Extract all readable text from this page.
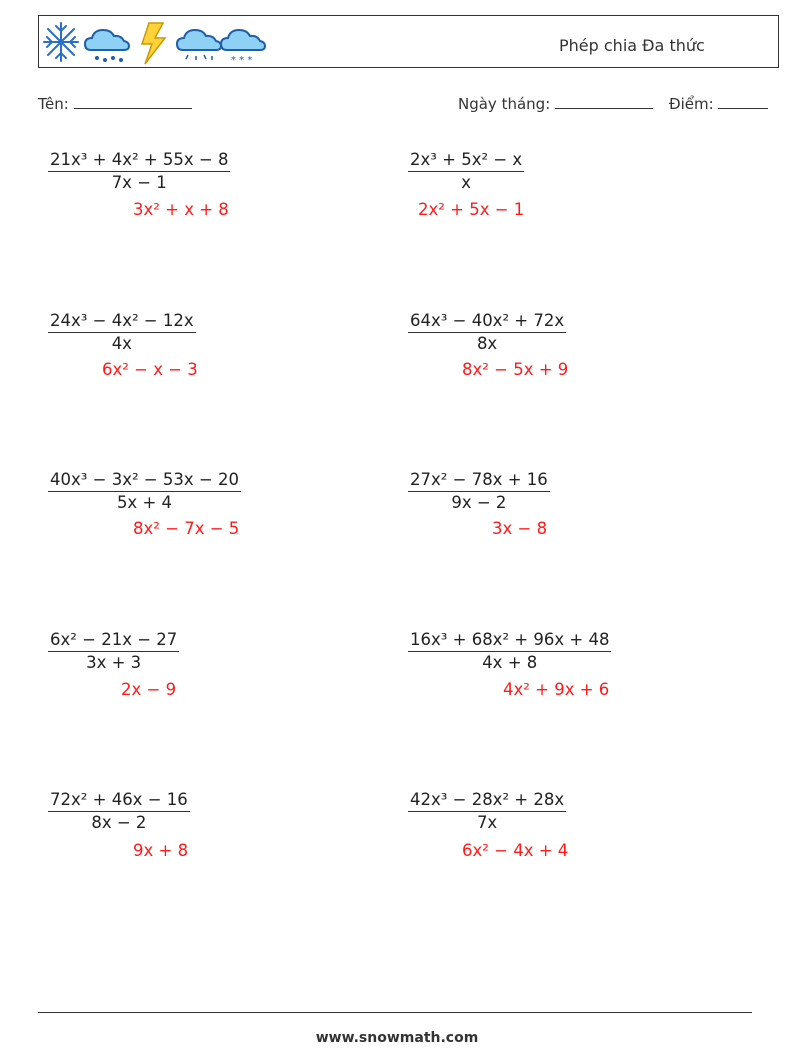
* * *
Phép chia Đa thức
Tên:	Ngày tháng:	Điểm:
21x³ + 4x² + 55x − 8
7x − 1
3x² + x + 8
2x³ + 5x² − x
x
2x² + 5x − 1
24x³ − 4x² − 12x
4x
6x² − x − 3
64x³ − 40x² + 72x
8x
8x² − 5x + 9
40x³ − 3x² − 53x − 20
5x + 4
8x² − 7x − 5
27x² − 78x + 16
9x − 2
3x − 8
6x² − 21x − 27
3x + 3
2x − 9
16x³ + 68x² + 96x + 48
4x + 8
4x² + 9x + 6
72x² + 46x − 16
8x − 2
9x + 8
42x³ − 28x² + 28x
7x
6x² − 4x + 4
www.snowmath.com
